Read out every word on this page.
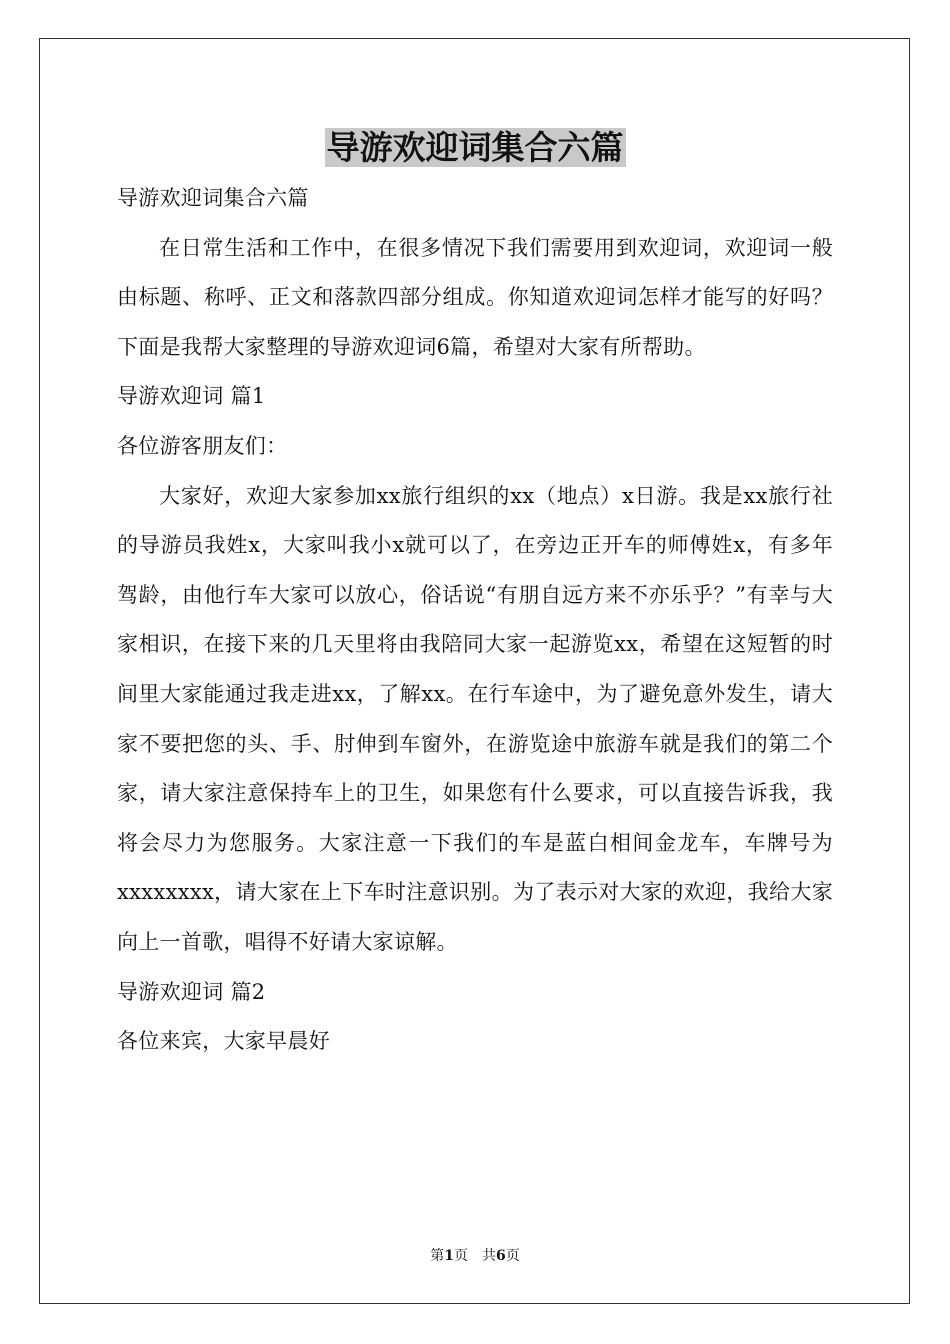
导游欢迎词集合六篇

导游欢迎词集合六篇

在日常生活和工作中，在很多情况下我们需要用到欢迎词，欢迎词一般由标题、称呼、正文和落款四部分组成。你知道欢迎词怎样才能写的好吗？下面是我帮大家整理的导游欢迎词6篇，希望对大家有所帮助。

导游欢迎词 篇1

各位游客朋友们：

大家好，欢迎大家参加xx旅行组织的xx（地点）x日游。我是xx旅行社的导游员我姓x，大家叫我小x就可以了，在旁边正开车的师傅姓x，有多年驾龄，由他行车大家可以放心，俗话说“有朋自远方来不亦乐乎？”有幸与大家相识，在接下来的几天里将由我陪同大家一起游览xx，希望在这短暂的时间里大家能通过我走进xx，了解xx。在行车途中，为了避免意外发生，请大家不要把您的头、手、肘伸到车窗外，在游览途中旅游车就是我们的第二个家，请大家注意保持车上的卫生，如果您有什么要求，可以直接告诉我，我将会尽力为您服务。大家注意一下我们的车是蓝白相间金龙车，车牌号为xxxxxxxx，请大家在上下车时注意识别。为了表示对大家的欢迎，我给大家向上一首歌，唱得不好请大家谅解。

导游欢迎词 篇2

各位来宾，大家早晨好

第1页 共6页
